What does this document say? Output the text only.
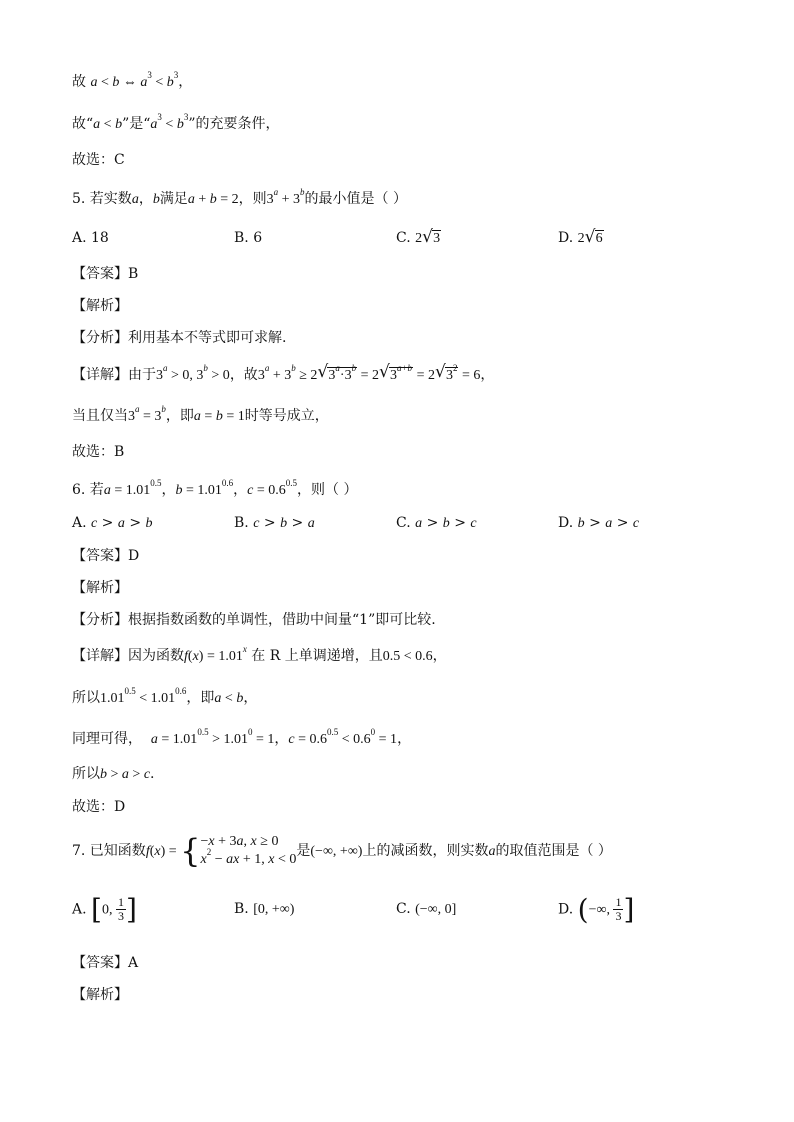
故 a < b ⇔ $a^3 < b^3$，
故“a < b”是“$a^3 < b^3$”的充要条件，
故选：C
5. 若实数a，b满足a + b = 2，则$3^a + 3^b$的最小值是（ ）
A. 18	B. 6	C. 2 √ 3	D. 2 √ 6
【答案】B
【解析】
【分析】利用基本不等式即可求解.
【详解】由于$3^a > 0$, $3^b > 0$，故$3^a + 3^b \ge 2$ √ $3^a\cdot 3^b = 2$ √ $3^{a+b} = 2$ √ $3^2 = 6$，
当且仅当$3^a = 3^b$，即a = b = 1时等号成立，
故选：B
6. 若$a = 1.01^{0.5}$，$b = 1.01^{0.6}$，$c = 0.6^{0.5}$，则（ ）
A. c > a > b	B. c > b > a	C. a > b > c	D. b > a > c
【答案】D
【解析】
【分析】根据指数函数的单调性，借助中间量“1”即可比较.
【详解】因为函数$f(x) = 1.01^x$ 在 R 上单调递增，且0.5 < 0.6，
所以$1.01^{0.5} < 1.01^{0.6}$，即a < b，
同理可得， $a = 1.01^{0.5} > 1.01^0 = 1$，$c = 0.6^{0.5} < 0.6^0 = 1$，
所以b > a > c.
故选：D
7. 已知函数f(x) = { −x + 3a, x ≥ 0
$x^2$ − ax + 1, x < 0
是(−∞, +∞)上的减函数，则实数a的取值范围是（ ）
A. [0, $\frac{1}{3}$ ]	B. [0, +∞)	C. (−∞, 0]	D. (−∞, $\frac{1}{3}$ ]
【答案】A
【解析】
